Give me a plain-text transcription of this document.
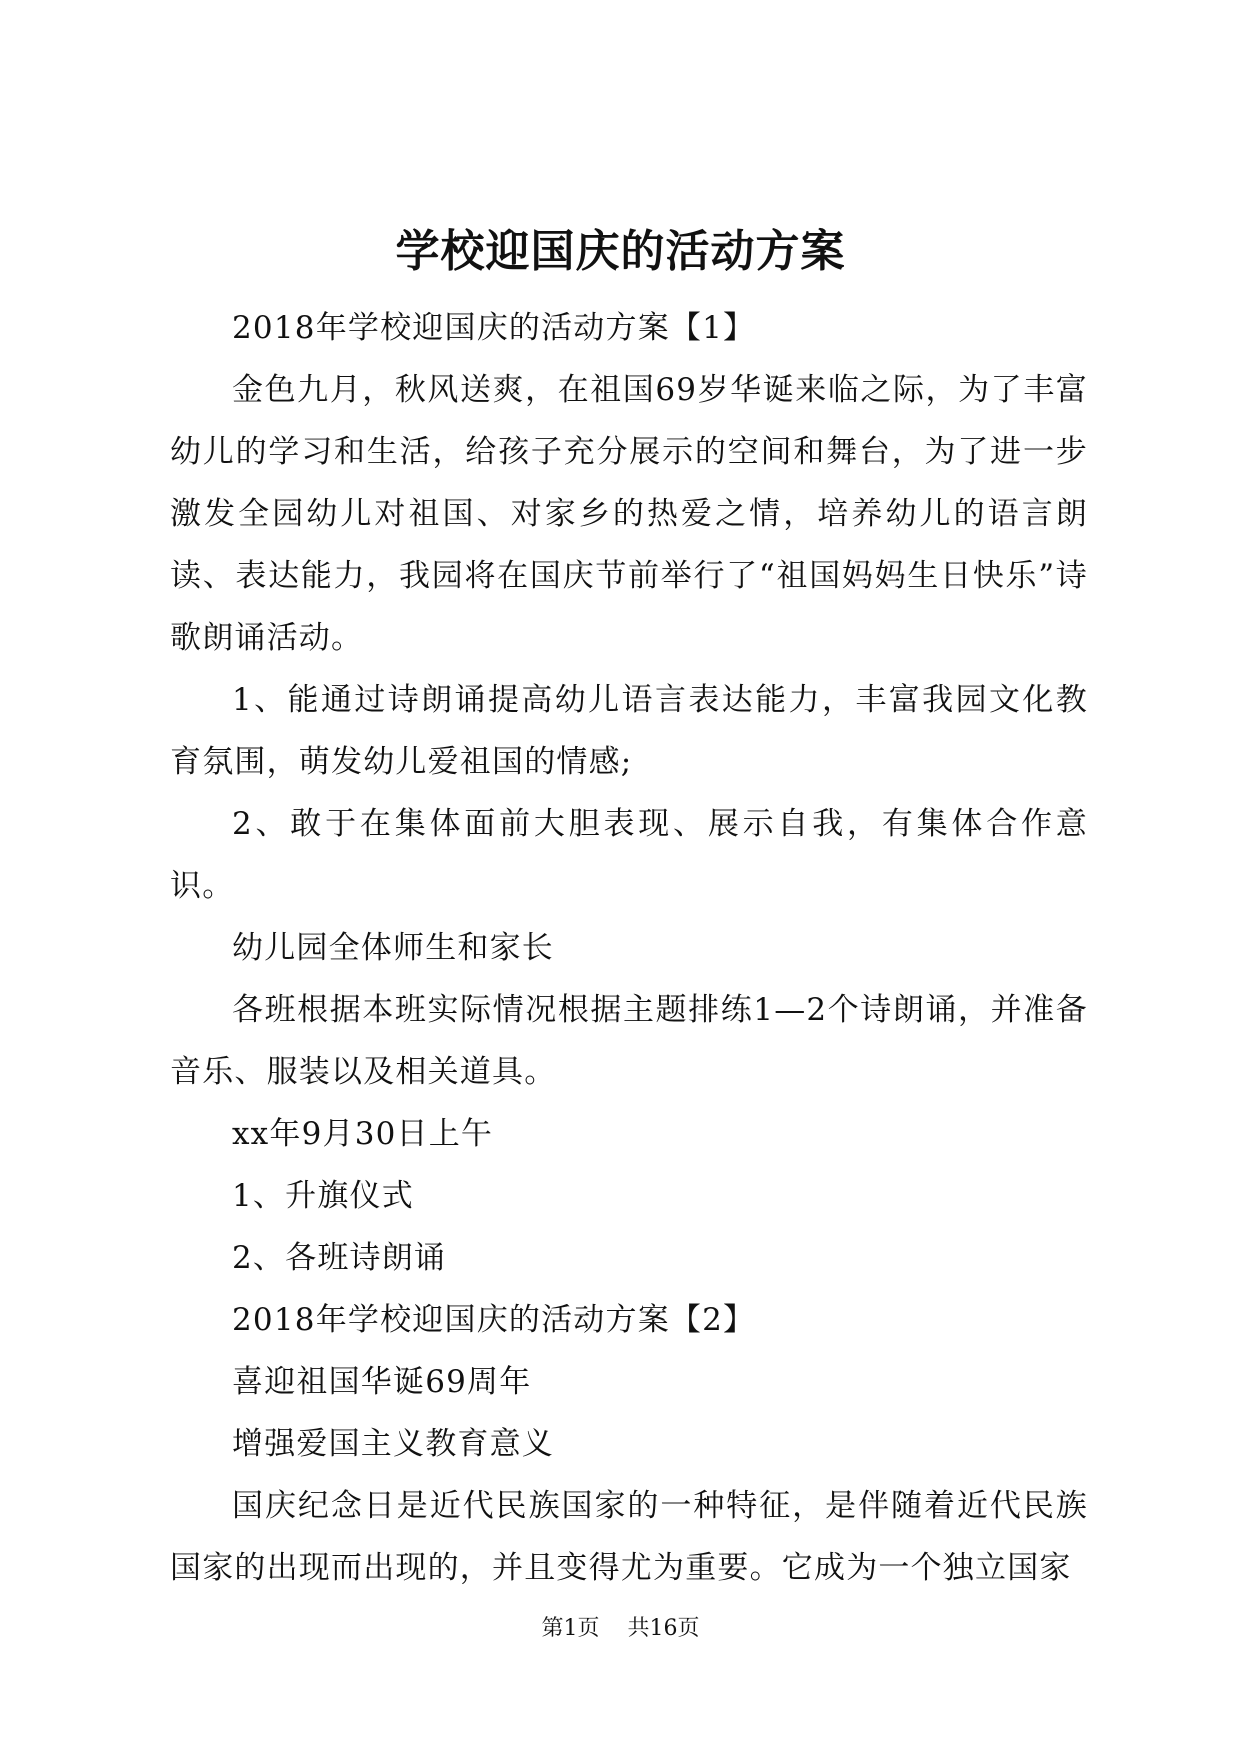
学校迎国庆的活动方案

2018年学校迎国庆的活动方案【1】

金色九月，秋风送爽，在祖国69岁华诞来临之际，为了丰富幼儿的学习和生活，给孩子充分展示的空间和舞台，为了进一步激发全园幼儿对祖国、对家乡的热爱之情，培养幼儿的语言朗读、表达能力，我园将在国庆节前举行了“祖国妈妈生日快乐”诗歌朗诵活动。

1、能通过诗朗诵提高幼儿语言表达能力，丰富我园文化教育氛围，萌发幼儿爱祖国的情感;

2、敢于在集体面前大胆表现、展示自我，有集体合作意识。

幼儿园全体师生和家长

各班根据本班实际情况根据主题排练1—2个诗朗诵，并准备音乐、服装以及相关道具。

xx年9月30日上午

1、升旗仪式

2、各班诗朗诵

2018年学校迎国庆的活动方案【2】

喜迎祖国华诞69周年

增强爱国主义教育意义

国庆纪念日是近代民族国家的一种特征，是伴随着近代民族国家的出现而出现的，并且变得尤为重要。它成为一个独立国家

第1页 共16页
